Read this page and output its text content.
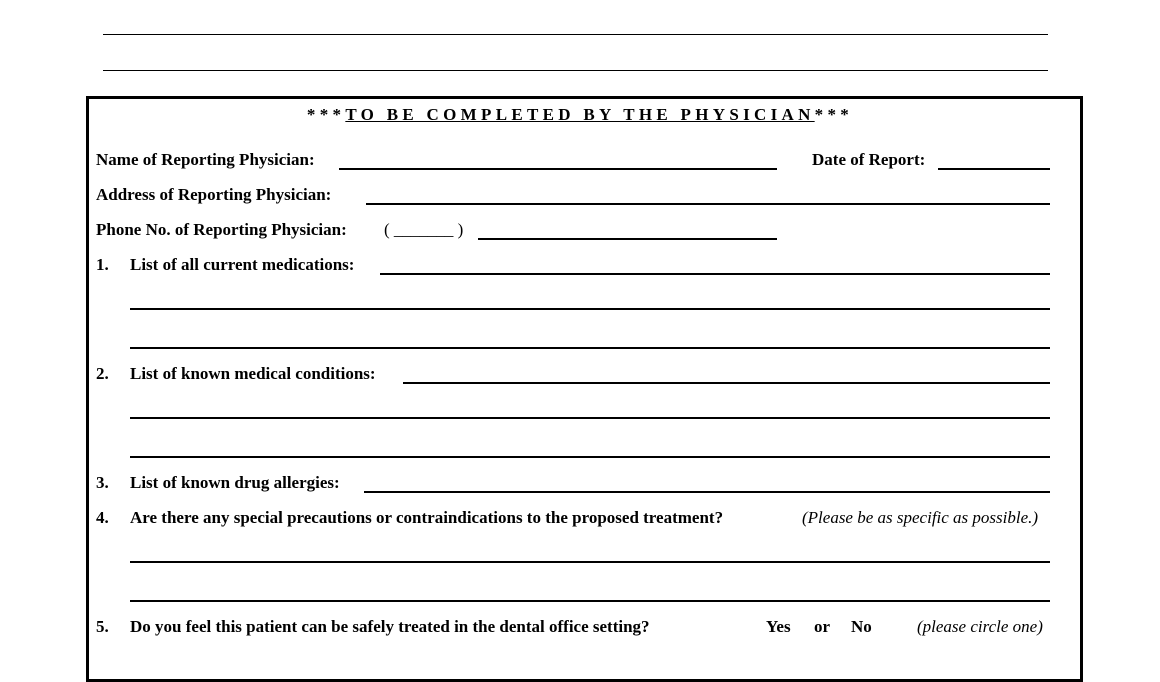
***TO BE COMPLETED BY THE PHYSICIAN***
Name of Reporting Physician:	Date of Report:
Address of Reporting Physician:
Phone No. of Reporting Physician: ( _______ )
1. List of all current medications:
2. List of known medical conditions:
3. List of known drug allergies:
4. Are there any special precautions or contraindications to the proposed treatment?	(Please be as specific as possible.)
5. Do you feel this patient can be safely treated in the dental office setting?	Yes or No	(please circle one)
